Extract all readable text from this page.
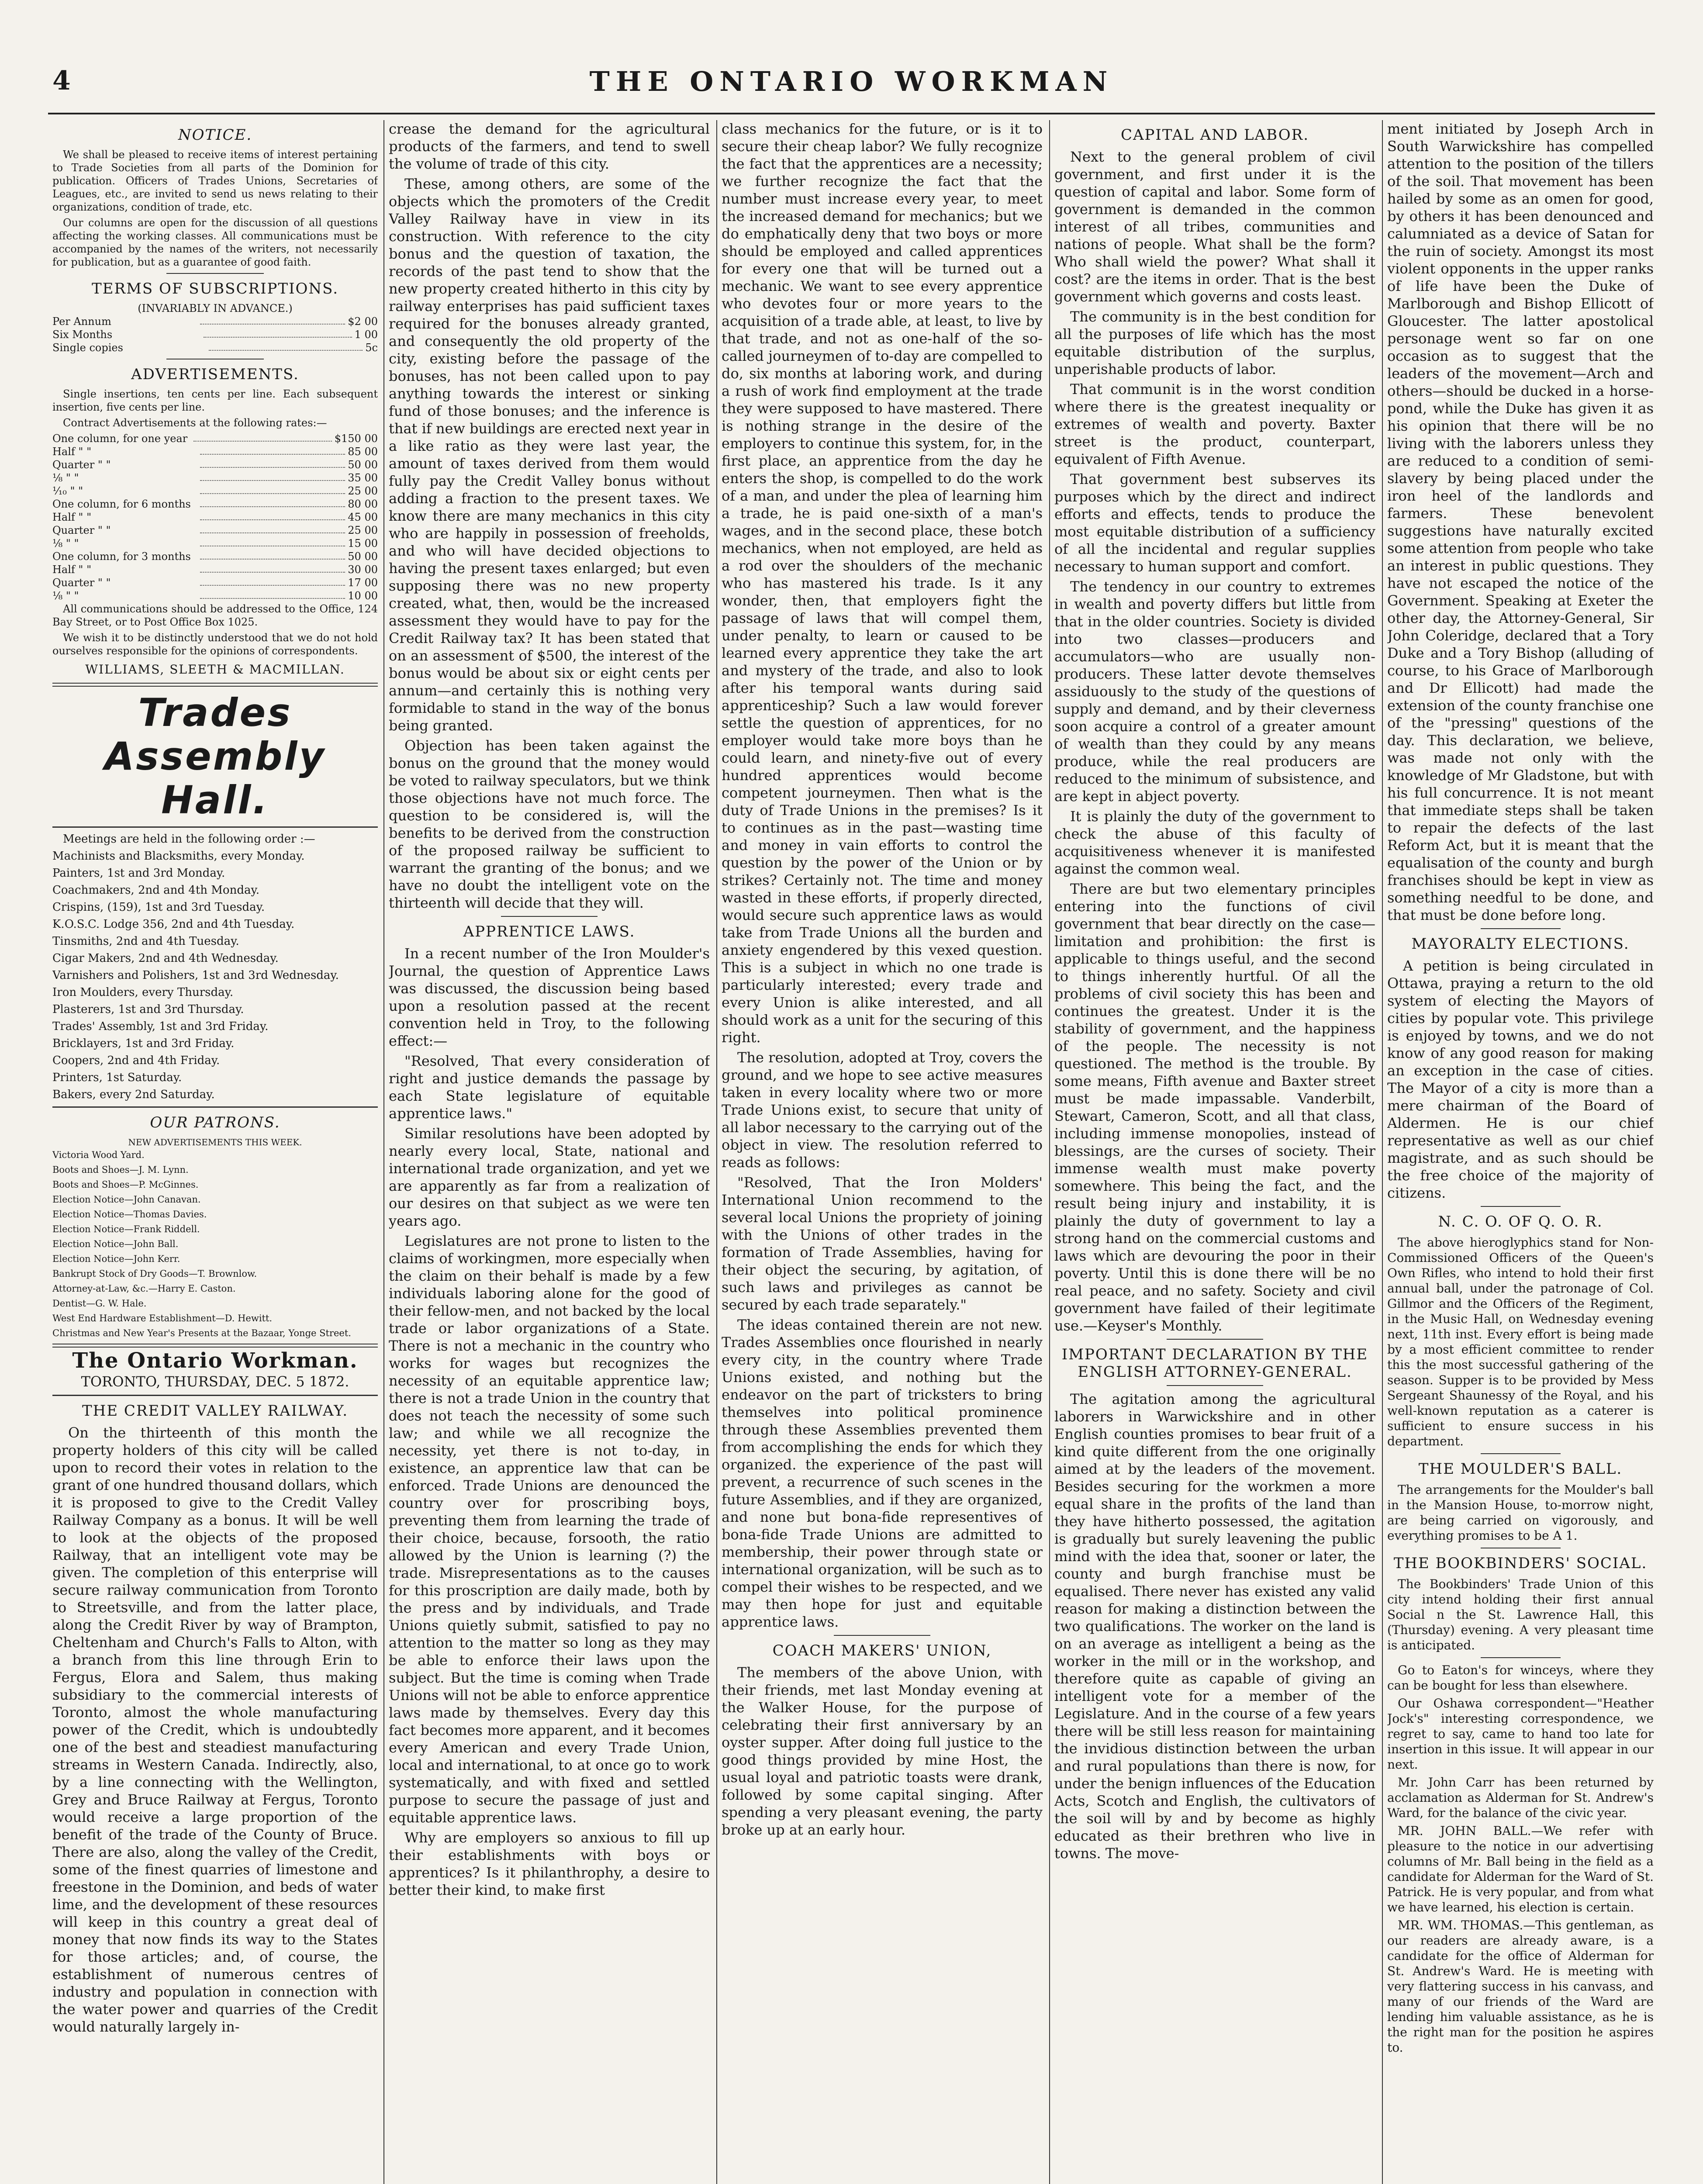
4	THE ONTARIO WORKMAN
NOTICE.

We shall be pleased to receive items of interest pertaining to Trade Societies from all parts of the Dominion for publication. Officers of Trades Unions, Secretaries of Leagues, etc., are invited to send us news relating to their organizations, condition of trade, etc.

Our columns are open for the discussion of all questions affecting the working classes. All communications must be accompanied by the names of the writers, not necessarily for publication, but as a guarantee of good faith.

TERMS OF SUBSCRIPTIONS.
(INVARIABLY IN ADVANCE.)
Per Annum	$2 00
Six Months	1 00
Single copies	5c
ADVERTISEMENTS.

Single insertions, ten cents per line. Each subsequent insertion, five cents per line.

Contract Advertisements at the following rates:—

One column, for one year	$150 00
Half " "	85 00
Quarter " "	50 00
⅛ " "	35 00
⅟₁₀ " "	25 00
One column, for 6 months	80 00
Half " "	45 00
Quarter " "	25 00
⅛ " "	15 00
One column, for 3 months	50 00
Half " "	30 00
Quarter " "	17 00
⅛ " "	10 00

All communications should be addressed to the Office, 124 Bay Street, or to Post Office Box 1025.

We wish it to be distinctly understood that we do not hold ourselves responsible for the opinions of correspondents.

WILLIAMS, SLEETH & MACMILLAN.
Trades Assembly Hall.

Meetings are held in the following order :—

Machinists and Blacksmiths, every Monday.

Painters, 1st and 3rd Monday.

Coachmakers, 2nd and 4th Monday.

Crispins, (159), 1st and 3rd Tuesday.

K.O.S.C. Lodge 356, 2nd and 4th Tuesday.

Tinsmiths, 2nd and 4th Tuesday.

Cigar Makers, 2nd and 4th Wednesday.

Varnishers and Polishers, 1st and 3rd Wednesday.

Iron Moulders, every Thursday.

Plasterers, 1st and 3rd Thursday.

Trades' Assembly, 1st and 3rd Friday.

Bricklayers, 1st and 3rd Friday.

Coopers, 2nd and 4th Friday.

Printers, 1st Saturday.

Bakers, every 2nd Saturday.

OUR PATRONS.
NEW ADVERTISEMENTS THIS WEEK.

Victoria Wood Yard.

Boots and Shoes—J. M. Lynn.

Boots and Shoes—P. McGinnes.

Election Notice—John Canavan.

Election Notice—Thomas Davies.

Election Notice—Frank Riddell.

Election Notice—John Ball.

Election Notice—John Kerr.

Bankrupt Stock of Dry Goods—T. Brownlow.

Attorney-at-Law, &c.—Harry E. Caston.

Dentist—G. W. Hale.

West End Hardware Establishment—D. Hewitt.

Christmas and New Year's Presents at the Bazaar, Yonge Street.

The Ontario Workman.
TORONTO, THURSDAY, DEC. 5 1872.
THE CREDIT VALLEY RAILWAY.

On the thirteenth of this month the property holders of this city will be called upon to record their votes in relation to the grant of one hundred thousand dollars, which it is proposed to give to the Credit Valley Railway Company as a bonus. It will be well to look at the objects of the proposed Railway, that an intelligent vote may be given. The completion of this enterprise will secure railway communication from Toronto to Streetsville, and from the latter place, along the Credit River by way of Brampton, Cheltenham and Church's Falls to Alton, with a branch from this line through Erin to Fergus, Elora and Salem, thus making subsidiary to the commercial interests of Toronto, almost the whole manufacturing power of the Credit, which is undoubtedly one of the best and steadiest manufacturing streams in Western Canada. Indirectly, also, by a line connecting with the Wellington, Grey and Bruce Railway at Fergus, Toronto would receive a large proportion of the benefit of the trade of the County of Bruce. There are also, along the valley of the Credit, some of the finest quarries of limestone and freestone in the Dominion, and beds of water lime, and the development of these resources will keep in this country a great deal of money that now finds its way to the States for those articles; and, of course, the establishment of numerous centres of industry and population in connection with the water power and quarries of the Credit would naturally largely in-

crease the demand for the agricultural products of the farmers, and tend to swell the volume of trade of this city.

These, among others, are some of the objects which the promoters of the Credit Valley Railway have in view in its construction. With reference to the city bonus and the question of taxation, the records of the past tend to show that the new property created hitherto in this city by railway enterprises has paid sufficient taxes required for the bonuses already granted, and consequently the old property of the city, existing before the passage of the bonuses, has not been called upon to pay anything towards the interest or sinking fund of those bonuses; and the inference is that if new buildings are erected next year in a like ratio as they were last year, the amount of taxes derived from them would fully pay the Credit Valley bonus without adding a fraction to the present taxes. We know there are many mechanics in this city who are happily in possession of freeholds, and who will have decided objections to having the present taxes enlarged; but even supposing there was no new property created, what, then, would be the increased assessment they would have to pay for the Credit Railway tax? It has been stated that on an assessment of $500, the interest of the bonus would be about six or eight cents per annum—and certainly this is nothing very formidable to stand in the way of the bonus being granted.

Objection has been taken against the bonus on the ground that the money would be voted to railway speculators, but we think those objections have not much force. The question to be considered is, will the benefits to be derived from the construction of the proposed railway be sufficient to warrant the granting of the bonus; and we have no doubt the intelligent vote on the thirteenth will decide that they will.

APPRENTICE LAWS.

In a recent number of the Iron Moulder's Journal, the question of Apprentice Laws was discussed, the discussion being based upon a resolution passed at the recent convention held in Troy, to the following effect:—

"Resolved, That every consideration of right and justice demands the passage by each State legislature of equitable apprentice laws."

Similar resolutions have been adopted by nearly every local, State, national and international trade organization, and yet we are apparently as far from a realization of our desires on that subject as we were ten years ago.

Legislatures are not prone to listen to the claims of workingmen, more especially when the claim on their behalf is made by a few individuals laboring alone for the good of their fellow-men, and not backed by the local trade or labor organizations of a State. There is not a mechanic in the country who works for wages but recognizes the necessity of an equitable apprentice law; there is not a trade Union in the country that does not teach the necessity of some such law; and while we all recognize the necessity, yet there is not to-day, in existence, an apprentice law that can be enforced. Trade Unions are denounced the country over for proscribing boys, preventing them from learning the trade of their choice, because, forsooth, the ratio allowed by the Union is learning (?) the trade. Misrepresentations as to the causes for this proscription are daily made, both by the press and by individuals, and Trade Unions quietly submit, satisfied to pay no attention to the matter so long as they may be able to enforce their laws upon the subject. But the time is coming when Trade Unions will not be able to enforce apprentice laws made by themselves. Every day this fact becomes more apparent, and it becomes every American and every Trade Union, local and international, to at once go to work systematically, and with fixed and settled purpose to secure the passage of just and equitable apprentice laws.

Why are employers so anxious to fill up their establishments with boys or apprentices? Is it philanthrophy, a desire to better their kind, to make first

class mechanics for the future, or is it to secure their cheap labor? We fully recognize the fact that the apprentices are a necessity; we further recognize the fact that the number must increase every year, to meet the increased demand for mechanics; but we do emphatically deny that two boys or more should be employed and called apprentices for every one that will be turned out a mechanic. We want to see every apprentice who devotes four or more years to the acquisition of a trade able, at least, to live by that trade, and not as one-half of the so-called journeymen of to-day are compelled to do, six months at laboring work, and during a rush of work find employment at the trade they were supposed to have mastered. There is nothing strange in the desire of the employers to continue this system, for, in the first place, an apprentice from the day he enters the shop, is compelled to do the work of a man, and under the plea of learning him a trade, he is paid one-sixth of a man's wages, and in the second place, these botch mechanics, when not employed, are held as a rod over the shoulders of the mechanic who has mastered his trade. Is it any wonder, then, that employers fight the passage of laws that will compel them, under penalty, to learn or caused to be learned every apprentice they take the art and mystery of the trade, and also to look after his temporal wants during said apprenticeship? Such a law would forever settle the question of apprentices, for no employer would take more boys than he could learn, and ninety-five out of every hundred apprentices would become competent journeymen. Then what is the duty of Trade Unions in the premises? Is it to continues as in the past—wasting time and money in vain efforts to control the question by the power of the Union or by strikes? Certainly not. The time and money wasted in these efforts, if properly directed, would secure such apprentice laws as would take from Trade Unions all the burden and anxiety engendered by this vexed question. This is a subject in which no one trade is particularly interested; every trade and every Union is alike interested, and all should work as a unit for the securing of this right.

The resolution, adopted at Troy, covers the ground, and we hope to see active measures taken in every locality where two or more Trade Unions exist, to secure that unity of all labor necessary to the carrying out of the object in view. The resolution referred to reads as follows:

"Resolved, That the Iron Molders' International Union recommend to the several local Unions the propriety of joining with the Unions of other trades in the formation of Trade Assemblies, having for their object the securing, by agitation, of such laws and privileges as cannot be secured by each trade separately."

The ideas contained therein are not new. Trades Assemblies once flourished in nearly every city, in the country where Trade Unions existed, and nothing but the endeavor on the part of tricksters to bring themselves into political prominence through these Assemblies prevented them from accomplishing the ends for which they organized. the experience of the past will prevent, a recurrence of such scenes in the future Assemblies, and if they are organized, and none but bona-fide representives of bona-fide Trade Unions are admitted to membership, their power through state or international organization, will be such as to compel their wishes to be respected, and we may then hope for just and equitable apprentice laws.

COACH MAKERS' UNION,

The members of the above Union, with their friends, met last Monday evening at the Walker House, for the purpose of celebrating their first anniversary by an oyster supper. After doing full justice to the good things provided by mine Host, the usual loyal and patriotic toasts were drank, followed by some capital singing. After spending a very pleasant evening, the party broke up at an early hour.

CAPITAL AND LABOR.

Next to the general problem of civil government, and first under it is the question of capital and labor. Some form of government is demanded in the common interest of all tribes, communities and nations of people. What shall be the form? Who shall wield the power? What shall it cost? are the items in order. That is the best government which governs and costs least.

The community is in the best condition for all the purposes of life which has the most equitable distribution of the surplus, unperishable products of labor.

That communit is in the worst condition where there is the greatest inequality or extremes of wealth and poverty. Baxter street is the product, counterpart, equivalent of Fifth Avenue.

That government best subserves its purposes which by the direct and indirect efforts and effects, tends to produce the most equitable distribution of a sufficiency of all the incidental and regular supplies necessary to human support and comfort.

The tendency in our country to extremes in wealth and poverty differs but little from that in the older countries. Society is divided into two classes—producers and accumulators—who are usually non-producers. These latter devote themselves assiduously to the study of the questions of supply and demand, and by their cleverness soon acquire a control of a greater amount of wealth than they could by any means produce, while the real producers are reduced to the minimum of subsistence, and are kept in abject poverty.

It is plainly the duty of the government to check the abuse of this faculty of acquisitiveness whenever it is manifested against the common weal.

There are but two elementary principles entering into the functions of civil government that bear directly on the case—limitation and prohibition: the first is applicable to things useful, and the second to things inherently hurtful. Of all the problems of civil society this has been and continues the greatest. Under it is the stability of government, and the happiness of the people. The necessity is not questioned. The method is the trouble. By some means, Fifth avenue and Baxter street must be made impassable. Vanderbilt, Stewart, Cameron, Scott, and all that class, including immense monopolies, instead of blessings, are the curses of society. Their immense wealth must make poverty somewhere. This being the fact, and the result being injury and instability, it is plainly the duty of government to lay a strong hand on the commercial customs and laws which are devouring the poor in their poverty. Until this is done there will be no real peace, and no safety. Society and civil government have failed of their legitimate use.—Keyser's Monthly.

IMPORTANT DECLARATION BY THE ENGLISH ATTORNEY-GENERAL.

The agitation among the agricultural laborers in Warwickshire and in other English counties promises to bear fruit of a kind quite different from the one originally aimed at by the leaders of the movement. Besides securing for the workmen a more equal share in the profits of the land than they have hitherto possessed, the agitation is gradually but surely leavening the public mind with the idea that, sooner or later, the county and burgh franchise must be equalised. There never has existed any valid reason for making a distinction between the two qualifications. The worker on the land is on an average as intelligent a being as the worker in the mill or in the workshop, and therefore quite as capable of giving an intelligent vote for a member of the Legislature. And in the course of a few years there will be still less reason for maintaining the invidious distinction between the urban and rural populations than there is now, for under the benign influences of the Education Acts, Scotch and English, the cultivators of the soil will by and by become as highly educated as their brethren who live in towns. The move-

ment initiated by Joseph Arch in South Warwickshire has compelled attention to the position of the tillers of the soil. That movement has been hailed by some as an omen for good, by others it has been denounced and calumniated as a device of Satan for the ruin of society. Amongst its most violent opponents in the upper ranks of life have been the Duke of Marlborough and Bishop Ellicott of Gloucester. The latter apostolical personage went so far on one occasion as to suggest that the leaders of the movement—Arch and others—should be ducked in a horse-pond, while the Duke has given it as his opinion that there will be no living with the laborers unless they are reduced to a condition of semi-slavery by being placed under the iron heel of the landlords and farmers. These benevolent suggestions have naturally excited some attention from people who take an interest in public questions. They have not escaped the notice of the Government. Speaking at Exeter the other day, the Attorney-General, Sir John Coleridge, declared that a Tory Duke and a Tory Bishop (alluding of course, to his Grace of Marlborough and Dr Ellicott) had made the extension of the county franchise one of the "pressing" questions of the day. This declaration, we believe, was made not only with the knowledge of Mr Gladstone, but with his full concurrence. It is not meant that immediate steps shall be taken to repair the defects of the last Reform Act, but it is meant that the equalisation of the county and burgh franchises should be kept in view as something needful to be done, and that must be done before long.

MAYORALTY ELECTIONS.

A petition is being circulated in Ottawa, praying a return to the old system of electing the Mayors of cities by popular vote. This privilege is enjoyed by towns, and we do not know of any good reason for making an exception in the case of cities. The Mayor of a city is more than a mere chairman of the Board of Aldermen. He is our chief representative as well as our chief magistrate, and as such should be the free choice of the majority of citizens.

N. C. O. OF Q. O. R.

The above hieroglyphics stand for Non-Commissioned Officers of the Queen's Own Rifles, who intend to hold their first annual ball, under the patronage of Col. Gillmor and the Officers of the Regiment, in the Music Hall, on Wednesday evening next, 11th inst. Every effort is being made by a most efficient committee to render this the most successful gathering of the season. Supper is to be provided by Mess Sergeant Shaunessy of the Royal, and his well-known reputation as a caterer is sufficient to ensure success in his department.

THE MOULDER'S BALL.

The arrangements for the Moulder's ball in the Mansion House, to-morrow night, are being carried on vigorously, and everything promises to be A 1.

THE BOOKBINDERS' SOCIAL.

The Bookbinders' Trade Union of this city intend holding their first annual Social n the St. Lawrence Hall, this (Thursday) evening. A very pleasant time is anticipated.

Go to Eaton's for winceys, where they can be bought for less than elsewhere.

Our Oshawa correspondent—"Heather Jock's" interesting correspondence, we regret to say, came to hand too late for insertion in this issue. It will appear in our next.

Mr. John Carr has been returned by acclamation as Alderman for St. Andrew's Ward, for the balance of the civic year.

MR. JOHN BALL.—We refer with pleasure to the notice in our advertising columns of Mr. Ball being in the field as a candidate for Alderman for the Ward of St. Patrick. He is very popular, and from what we have learned, his election is certain.

MR. WM. THOMAS.—This gentleman, as our readers are already aware, is a candidate for the office of Alderman for St. Andrew's Ward. He is meeting with very flattering success in his canvass, and many of our friends of the Ward are lending him valuable assistance, as he is the right man for the position he aspires to.
